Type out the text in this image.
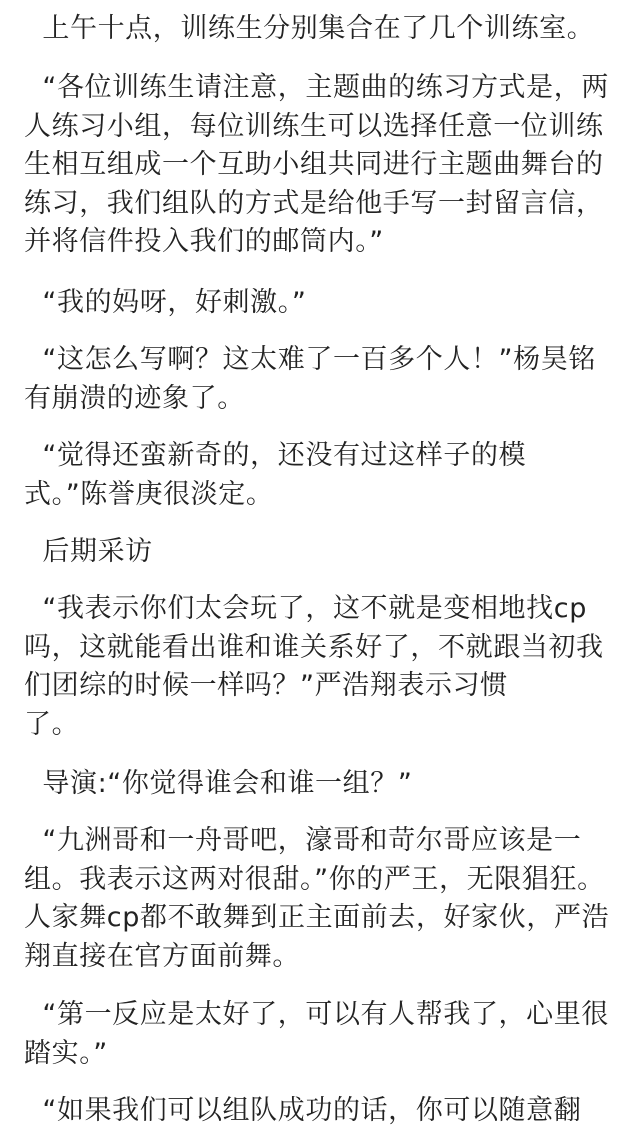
上午十点，训练生分别集合在了几个训练室。

“各位训练生请注意，主题曲的练习方式是，两人练习小组，每位训练生可以选择任意一位训练生相互组成一个互助小组共同进行主题曲舞台的练习，我们组队的方式是给他手写一封留言信，并将信件投入我们的邮筒内。”

“我的妈呀，好刺激。”

“这怎么写啊？这太难了一百多个人！”杨昊铭有崩溃的迹象了。

“觉得还蛮新奇的，还没有过这样子的模
式。”陈誉庚很淡定。

后期采访

“我表示你们太会玩了，这不就是变相地找cp吗，这就能看出谁和谁关系好了，不就跟当初我们团综的时候一样吗？”严浩翔表示习惯
了。

导演:“你觉得谁会和谁一组？”

“九洲哥和一舟哥吧，濠哥和苛尔哥应该是一组。我表示这两对很甜。”你的严王，无限猖狂。人家舞cp都不敢舞到正主面前去，好家伙，严浩翔直接在官方面前舞。

“第一反应是太好了，可以有人帮我了，心里很踏实。”

“如果我们可以组队成功的话，你可以随意翻
